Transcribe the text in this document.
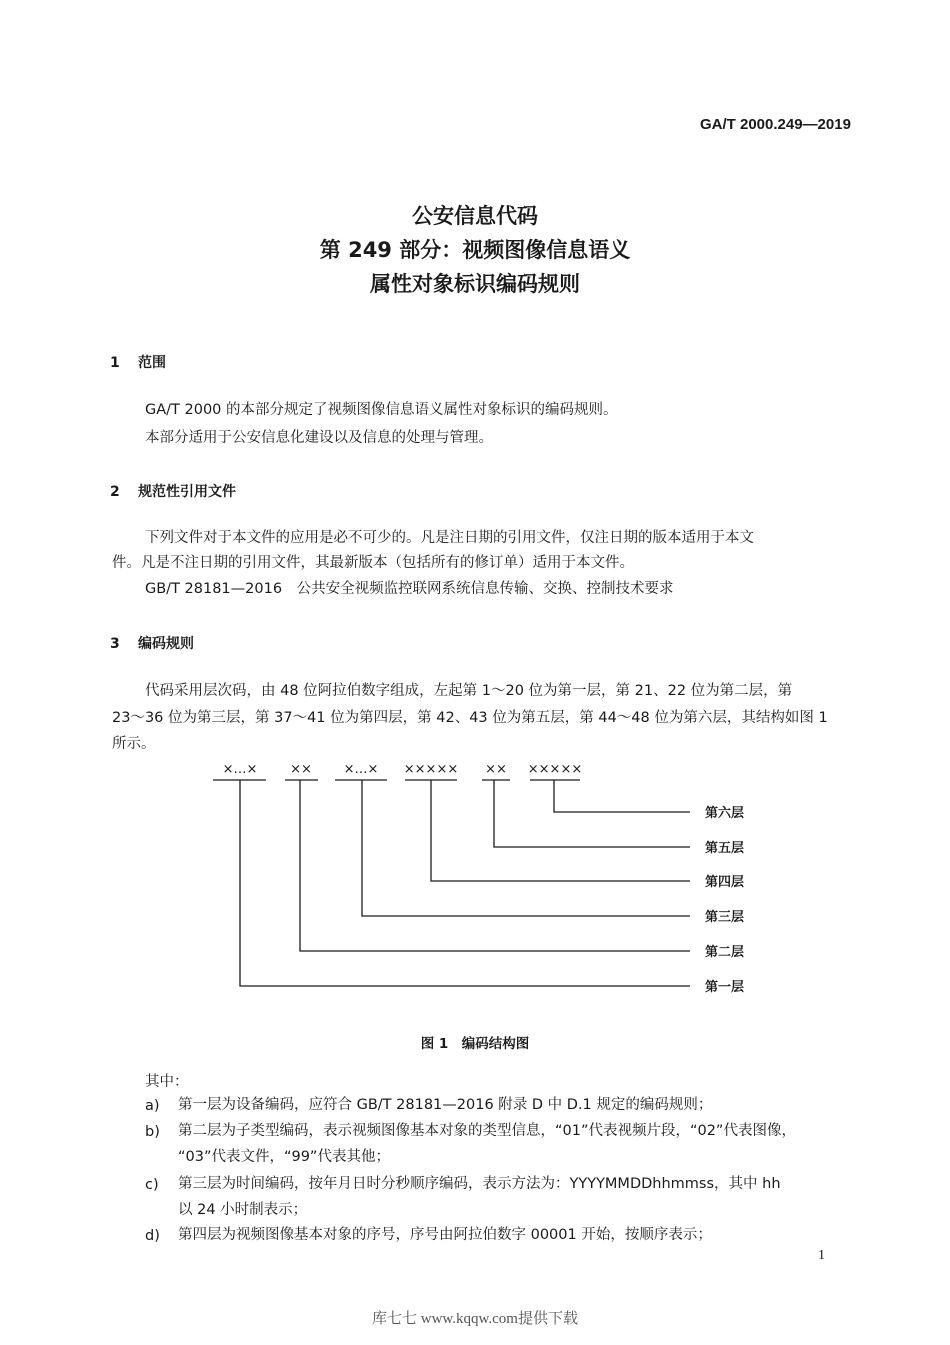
GA/T 2000.249—2019
公安信息代码
第 249 部分：视频图像信息语义
属性对象标识编码规则
1 范围
GA/T 2000 的本部分规定了视频图像信息语义属性对象标识的编码规则。
本部分适用于公安信息化建设以及信息的处理与管理。
2 规范性引用文件
下列文件对于本文件的应用是必不可少的。凡是注日期的引用文件，仅注日期的版本适用于本文
件。凡是不注日期的引用文件，其最新版本（包括所有的修订单）适用于本文件。
GB/T 28181—2016　公共安全视频监控联网系统信息传输、交换、控制技术要求
3 编码规则
代码采用层次码，由 48 位阿拉伯数字组成，左起第 1～20 位为第一层，第 21、22 位为第二层，第
23～36 位为第三层，第 37～41 位为第四层，第 42、43 位为第五层，第 44～48 位为第六层，其结构如图 1
所示。
×…×	×× ×…× ××××× ×× ×××××
第六层
第五层
第四层
第三层
第二层
第一层
图 1　编码结构图
其中：
a) 第一层为设备编码，应符合 GB/T 28181—2016 附录 D 中 D.1 规定的编码规则；
b) 第二层为子类型编码，表示视频图像基本对象的类型信息，“01”代表视频片段，“02”代表图像，
“03”代表文件，“99”代表其他；
c) 第三层为时间编码，按年月日时分秒顺序编码，表示方法为：YYYYMMDDhhmmss，其中 hh
以 24 小时制表示；
d) 第四层为视频图像基本对象的序号，序号由阿拉伯数字 00001 开始，按顺序表示；
1
库七七 www.kqqw.com提供下载
